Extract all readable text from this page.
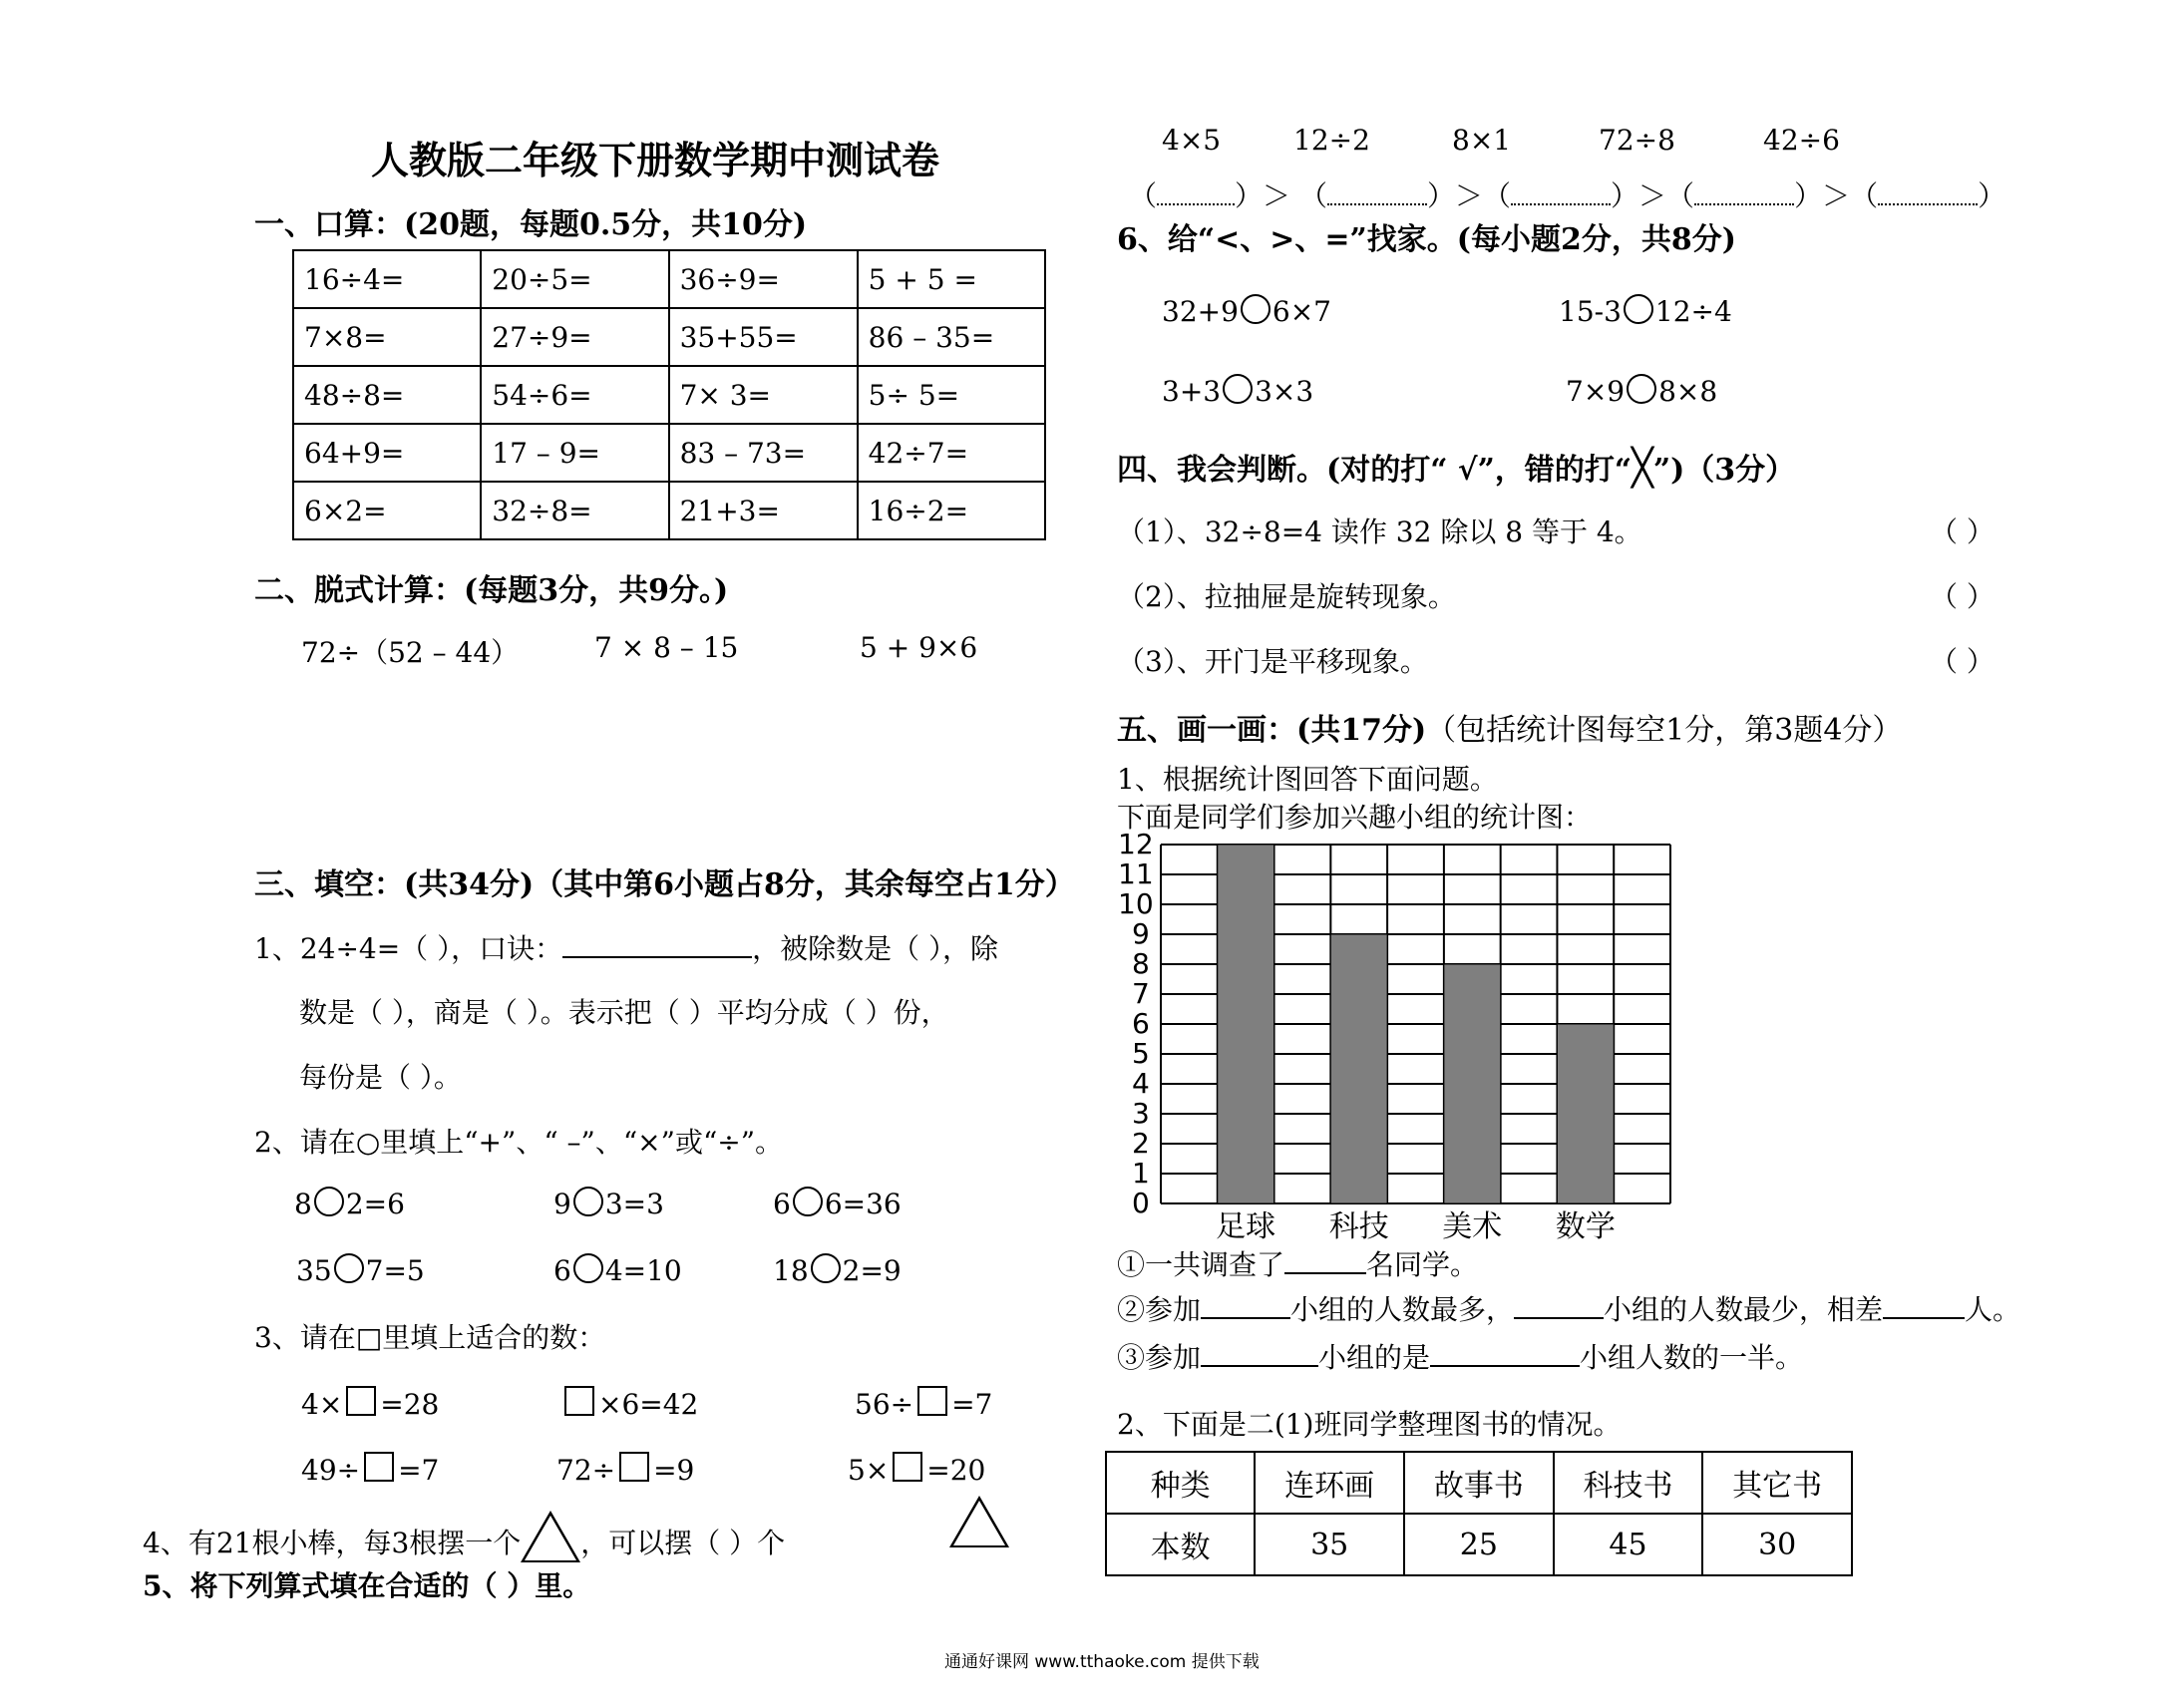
人教版二年级下册数学期中测试卷
一、口算：(20题，每题0.5分，共10分)
16÷4=	20÷5=	36÷9=	5 + 5 =
7×8=	27÷9=	35+55=	86 – 35=
48÷8=	54÷6=	7× 3=	5÷ 5=
64+9=	17 – 9=	83 – 73=	42÷7=
6×2=	32÷8=	21+3=	16÷2=
二、脱式计算：(每题3分，共9分。)
72÷（52 – 44）	7 × 8 – 15	5 + 9×6
三、填空：(共34分)（其中第6小题占8分，其余每空占1分）
1、24÷4=（ ），口诀：	，被除数是（ ），除
数是（ ），商是（ ）。表示把（ ）平均分成（ ）份，
每份是（ ）。
2、请在○里填上“+”、“ –”、“×”或“÷”。
8 2=6	9 3=3	6 6=36
35 7=5	6 4=10	18 2=9
3、请在□里填上适合的数：
4× =28	×6=42	56÷ =7
49÷ =7	72÷ =9	5× =20
4、有21根小棒，每3根摆一个 ，可以摆（ ）个
5、将下列算式填在合适的（ ）里。
4×5	12÷2	8×1	72÷8	42÷6
（	）＞ （	）＞（	）＞（	）＞（	）
6、给“<、>、=”找家。(每小题2分，共8分)
32+9 6×7	15-3 12÷4
3+3 3×3	7×9 8×8
四、我会判断。(对的打“ √”，错的打“╳”)（3分）
（1）、32÷8=4 读作 32 除以 8 等于 4。	（ ）
（2）、拉抽屉是旋转现象。	（ ）
（3）、开门是平移现象。	（ ）
五、画一画：(共17分)（包括统计图每空1分，第3题4分）
1、根据统计图回答下面问题。
下面是同学们参加兴趣小组的统计图：
0
1
2
3
4
5
6
7
8
9
10
11
12
足球	科技	美术	数学
①一共调查了	名同学。
②参加	小组的人数最多，	小组的人数最少，相差	人。
③参加	小组的是	小组人数的一半。
2、下面是二(1)班同学整理图书的情况。
种类	连环画	故事书	科技书	其它书
本数	35	25	45	30
通通好课网 www.tthaoke.com 提供下载
